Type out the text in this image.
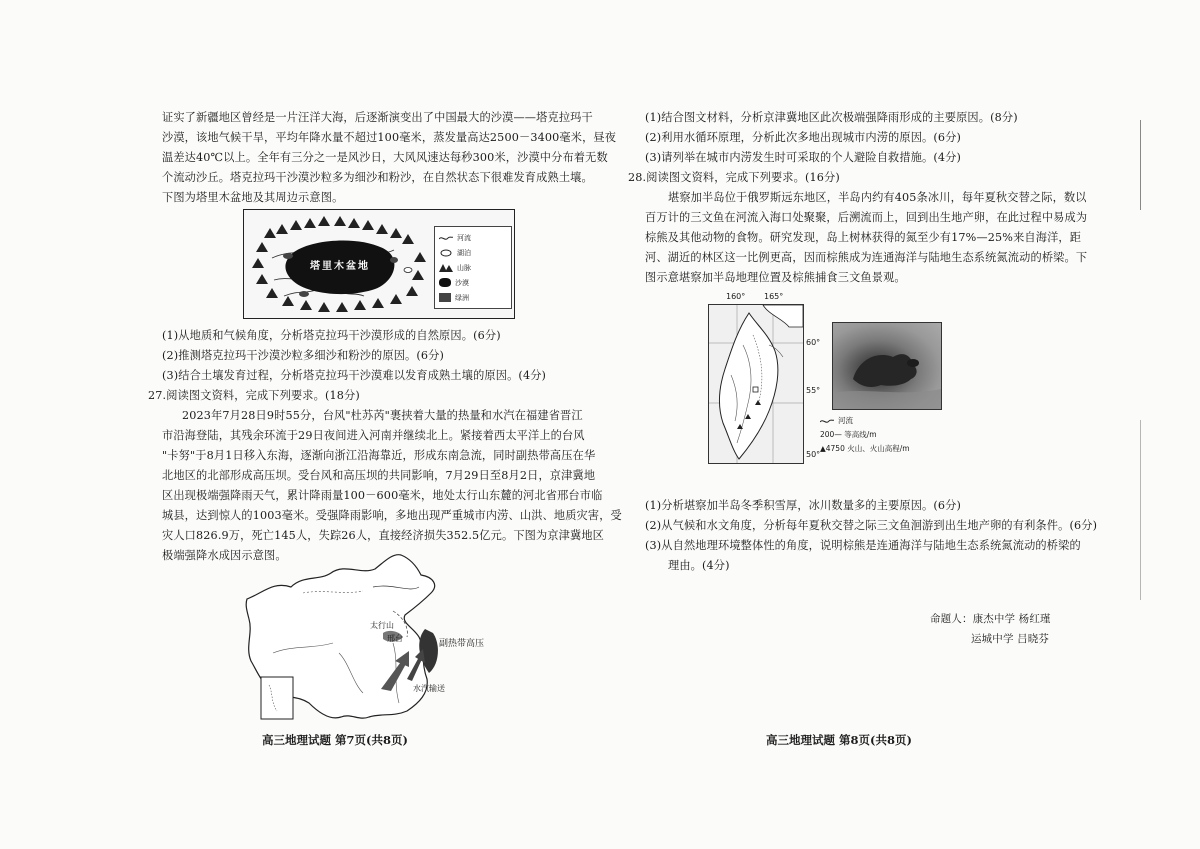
证实了新疆地区曾经是一片汪洋大海，后逐渐演变出了中国最大的沙漠——塔克拉玛干
沙漠，该地气候干旱，平均年降水量不超过100毫米，蒸发量高达2500－3400毫米，昼夜
温差达40℃以上。全年有三分之一是风沙日，大风风速达每秒300米，沙漠中分布着无数
个流动沙丘。塔克拉玛干沙漠沙粒多为细沙和粉沙，在自然状态下很难发育成熟土壤。
下图为塔里木盆地及其周边示意图。
塔里木盆地
河流
湖泊
山脉
沙漠
绿洲
(1)从地质和气候角度，分析塔克拉玛干沙漠形成的自然原因。(6分)
(2)推测塔克拉玛干沙漠沙粒多细沙和粉沙的原因。(6分)
(3)结合土壤发育过程，分析塔克拉玛干沙漠难以发育成熟土壤的原因。(4分)
27.阅读图文资料，完成下列要求。(18分)
2023年7月28日9时55分，台风"杜苏芮"裹挟着大量的热量和水汽在福建省晋江
市沿海登陆，其残余环流于29日夜间进入河南并继续北上。紧接着西太平洋上的台风
"卡努"于8月1日移入东海，逐渐向浙江沿海靠近，形成东南急流，同时副热带高压在华
北地区的北部形成高压坝。受台风和高压坝的共同影响，7月29日至8月2日，京津冀地
区出现极端强降雨天气，累计降雨量100－600毫米，地处太行山东麓的河北省邢台市临
城县，达到惊人的1003毫米。受强降雨影响，多地出现严重城市内涝、山洪、地质灾害，受
灾人口826.9万，死亡145人，失踪26人，直接经济损失352.5亿元。下图为京津冀地区
极端强降水成因示意图。
太行山
邢台
副热带高压
水汽输送
高三地理试题 第7页(共8页)
(1)结合图文材料，分析京津冀地区此次极端强降雨形成的主要原因。(8分)
(2)利用水循环原理，分析此次多地出现城市内涝的原因。(6分)
(3)请列举在城市内涝发生时可采取的个人避险自救措施。(4分)
28.阅读图文资料，完成下列要求。(16分)
堪察加半岛位于俄罗斯远东地区，半岛内约有405条冰川，每年夏秋交替之际，数以
百万计的三文鱼在河流入海口处聚聚，后溯流而上，回到出生地产卵，在此过程中易成为
棕熊及其他动物的食物。研究发现，岛上树林获得的氮至少有17%—25%来自海洋，距
河、湖近的林区这一比例更高，因而棕熊成为连通海洋与陆地生态系统氮流动的桥梁。下
图示意堪察加半岛地理位置及棕熊捕食三文鱼景观。
160° 165°
60°
55°
50°
河流
200— 等高线/m
▲4750 火山、火山高程/m
(1)分析堪察加半岛冬季积雪厚，冰川数量多的主要原因。(6分)
(2)从气候和水文角度，分析每年夏秋交替之际三文鱼洄游到出生地产卵的有利条件。(6分)
(3)从自然地理环境整体性的角度，说明棕熊是连通海洋与陆地生态系统氮流动的桥梁的
理由。(4分)
命题人：康杰中学 杨红瑾
运城中学 吕晓芬
高三地理试题 第8页(共8页)
